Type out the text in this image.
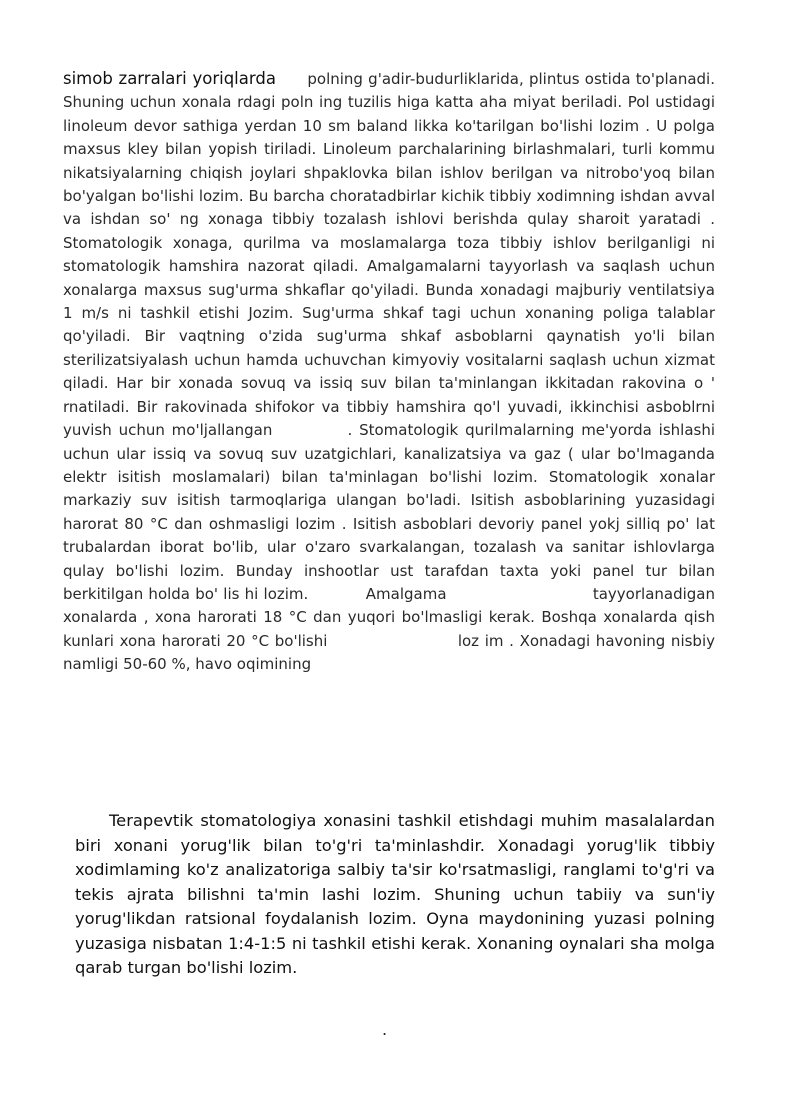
simob zarralari yoriqlarda polning g'adir-budurliklarida, plintus ostida to'planadi. Shuning uchun xonala rdagi poln ing tuzilis higa katta aha miyat beriladi. Pol ustidagi linoleum devor sathiga yerdan 10 sm baland likka ko'tarilgan bo'lishi lozim . U polga maxsus kley bilan yopish tiriladi. Linoleum parchalarining birlashmalari, turli kommu nikatsiyalarning chiqish joylari shpaklovka bilan ishlov berilgan va nitrobo'yoq bilan bo'yalgan bo'lishi lozim. Bu barcha choratadbirlar kichik tibbiy xodimning ishdan avval va ishdan so' ng xonaga tibbiy tozalash ishlovi berishda qulay sharoit yaratadi . Stomatologik xonaga, qurilma va moslamalarga toza tibbiy ishlov berilganligi ni stomatologik hamshira nazorat qiladi. Amalgamalarni tayyorlash va saqlash uchun xonalarga maxsus sug'urma shkaflar qo'yiladi. Bunda xonadagi majburiy ventilatsiya 1 m/s ni tashkil etishi Jozim. Sug'urma shkaf tagi uchun xonaning poliga talablar qo'yiladi. Bir vaqtning o'zida sug'urma shkaf asboblarni qaynatish yo'li bilan sterilizatsiyalash uchun hamda uchuvchan kimyoviy vositalarni saqlash uchun xizmat qiladi. Har bir xonada sovuq va issiq suv bilan ta'minlangan ikkitadan rakovina o ' rnatiladi. Bir rakovinada shifokor va tibbiy hamshira qo'l yuvadi, ikkinchisi asboblrni yuvish uchun mo'ljallangan	. Stomatologik qurilmalarning me'yorda ishlashi uchun ular issiq va sovuq suv uzatgichlari, kanalizatsiya va gaz ( ular bo'lmaganda elektr isitish moslamalari) bilan ta'minlagan bo'lishi lozim. Stomatologik xonalar markaziy suv isitish tarmoqlariga ulangan bo'ladi. Isitish asboblarining yuzasidagi harorat 80 °C dan oshmasligi lozim . Isitish asboblari devoriy panel yokj silliq po' lat trubalardan iborat bo'lib, ular o'zaro svarkalangan, tozalash va sanitar ishlovlarga qulay bo'lishi lozim. Bunday inshootlar ust tarafdan taxta yoki panel tur bilan berkitilgan holda bo' lis hi lozim.	Amalgama	tayyorlanadigan xonalarda , xona harorati 18 °C dan yuqori bo'lmasligi kerak. Boshqa xonalarda qish kunlari xona harorati 20 °C bo'lishi	loz im . Xonadagi havoning nisbiy namligi 50-60 %, havo oqimining
Terapevtik stomatologiya xonasini tashkil etishdagi muhim masalalardan biri xonani yorug'lik bilan to'g'ri ta'minlashdir. Xonadagi yorug'lik tibbiy xodimlaming ko'z analizatoriga salbiy ta'sir ko'rsatmasligi, ranglami to'g'ri va tekis ajrata bilishni ta'min lashi lozim. Shuning uchun tabiiy va sun'iy yorug'likdan ratsional foydalanish lozim. Oyna maydonining yuzasi polning yuzasiga nisbatan 1:4-1:5 ni tashkil etishi kerak. Xonaning oynalari sha molga qarab turgan bo'lishi lozim.
.
